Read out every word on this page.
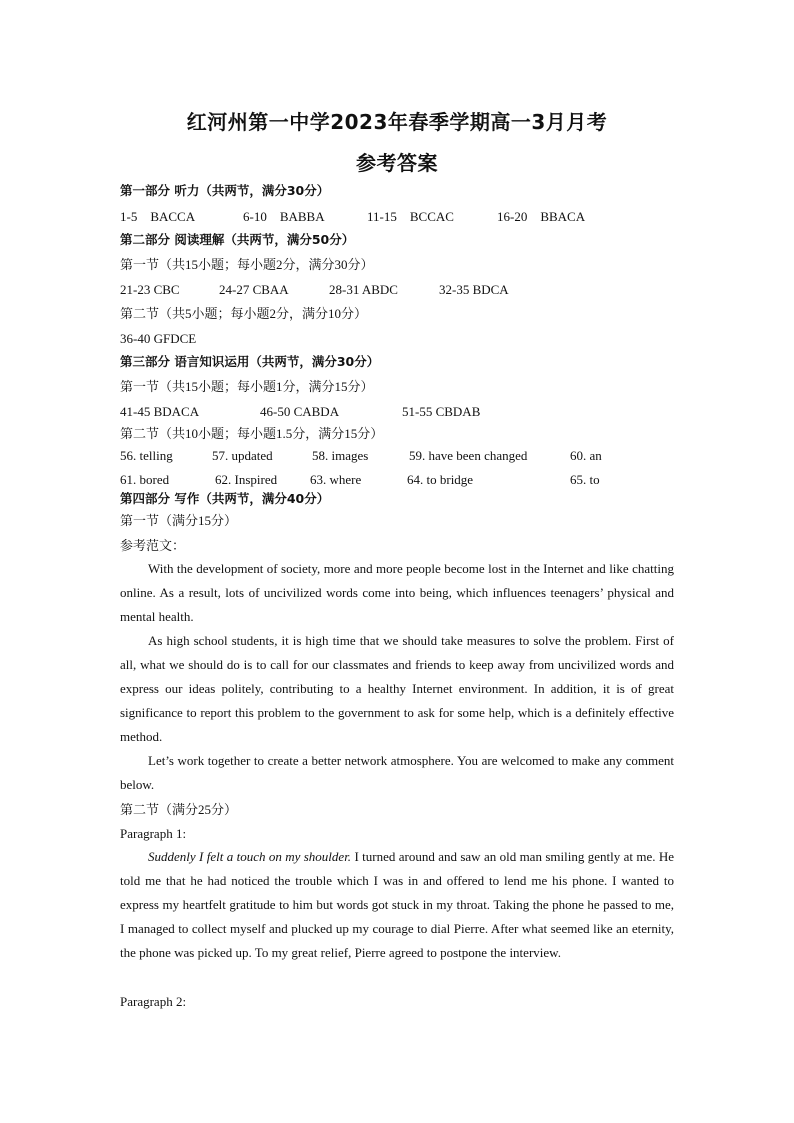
红河州第一中学2023年春季学期高一3月月考
参考答案
第一部分 听力（共两节，满分30分）
1-5　BACCA	6-10　BABBA	11-15　BCCAC	16-20　BBACA
第二部分 阅读理解（共两节，满分50分）
第一节（共15小题；每小题2分，满分30分）
21-23 CBC	24-27 CBAA	28-31 ABDC	32-35 BDCA
第二节（共5小题；每小题2分，满分10分）
36-40 GFDCE
第三部分 语言知识运用（共两节，满分30分）
第一节（共15小题；每小题1分，满分15分）
41-45 BDACA	46-50 CABDA	51-55 CBDAB
第二节（共10小题；每小题1.5分，满分15分）
56. telling	57. updated	58. images	59. have been changed	60. an
61. bored	62. Inspired	63. where	64. to bridge	65. to
第四部分 写作（共两节，满分40分）
第一节（满分15分）
参考范文：

With the development of society, more and more people become lost in the Internet and like chatting online. As a result, lots of uncivilized words come into being, which influences teenagers’ physical and mental health.

As high school students, it is high time that we should take measures to solve the problem. First of all, what we should do is to call for our classmates and friends to keep away from uncivilized words and express our ideas politely, contributing to a healthy Internet environment. In addition, it is of great significance to report this problem to the government to ask for some help, which is a definitely effective method.

Let’s work together to create a better network atmosphere. You are welcomed to make any comment below.

第二节（满分25分）
Paragraph 1:

Suddenly I felt a touch on my shoulder. I turned around and saw an old man smiling gently at me. He told me that he had noticed the trouble which I was in and offered to lend me his phone. I wanted to express my heartfelt gratitude to him but words got stuck in my throat. Taking the phone he passed to me, I managed to collect myself and plucked up my courage to dial Pierre. After what seemed like an eternity, the phone was picked up. To my great relief, Pierre agreed to postpone the interview.

Paragraph 2:
